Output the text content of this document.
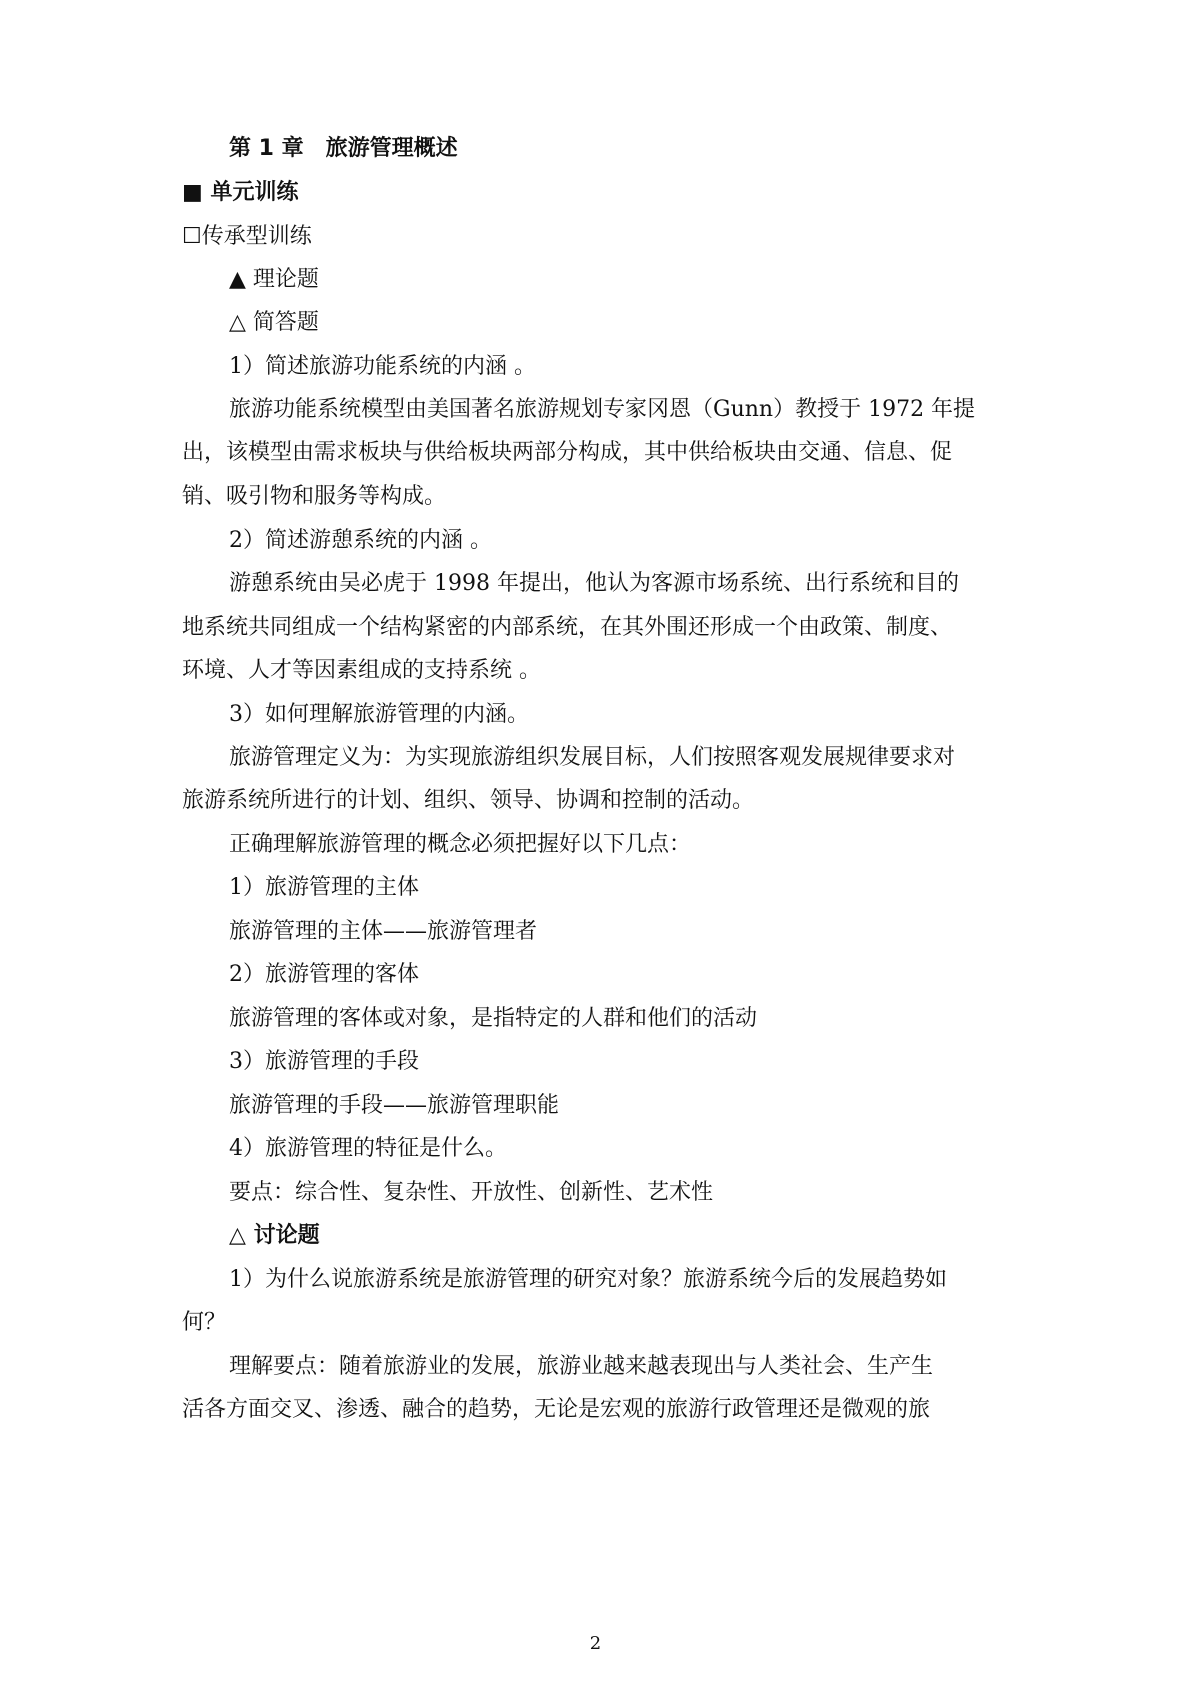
第 1 章　旅游管理概述
■ 单元训练
☐传承型训练
▲ 理论题
△ 简答题
1）简述旅游功能系统的内涵 。
旅游功能系统模型由美国著名旅游规划专家冈恩（Gunn）教授于 1972 年提
出，该模型由需求板块与供给板块两部分构成，其中供给板块由交通、信息、促
销、吸引物和服务等构成。
2）简述游憩系统的内涵 。
游憩系统由吴必虎于 1998 年提出，他认为客源市场系统、出行系统和目的
地系统共同组成一个结构紧密的内部系统，在其外围还形成一个由政策、制度、
环境、人才等因素组成的支持系统 。
3）如何理解旅游管理的内涵。
旅游管理定义为：为实现旅游组织发展目标，人们按照客观发展规律要求对
旅游系统所进行的计划、组织、领导、协调和控制的活动。
正确理解旅游管理的概念必须把握好以下几点：
1）旅游管理的主体
旅游管理的主体——旅游管理者
2）旅游管理的客体
旅游管理的客体或对象，是指特定的人群和他们的活动
3）旅游管理的手段
旅游管理的手段——旅游管理职能
4）旅游管理的特征是什么。
要点：综合性、复杂性、开放性、创新性、艺术性
△ 讨论题
1）为什么说旅游系统是旅游管理的研究对象？旅游系统今后的发展趋势如
何？
理解要点：随着旅游业的发展，旅游业越来越表现出与人类社会、生产生
活各方面交叉、渗透、融合的趋势，无论是宏观的旅游行政管理还是微观的旅
2
